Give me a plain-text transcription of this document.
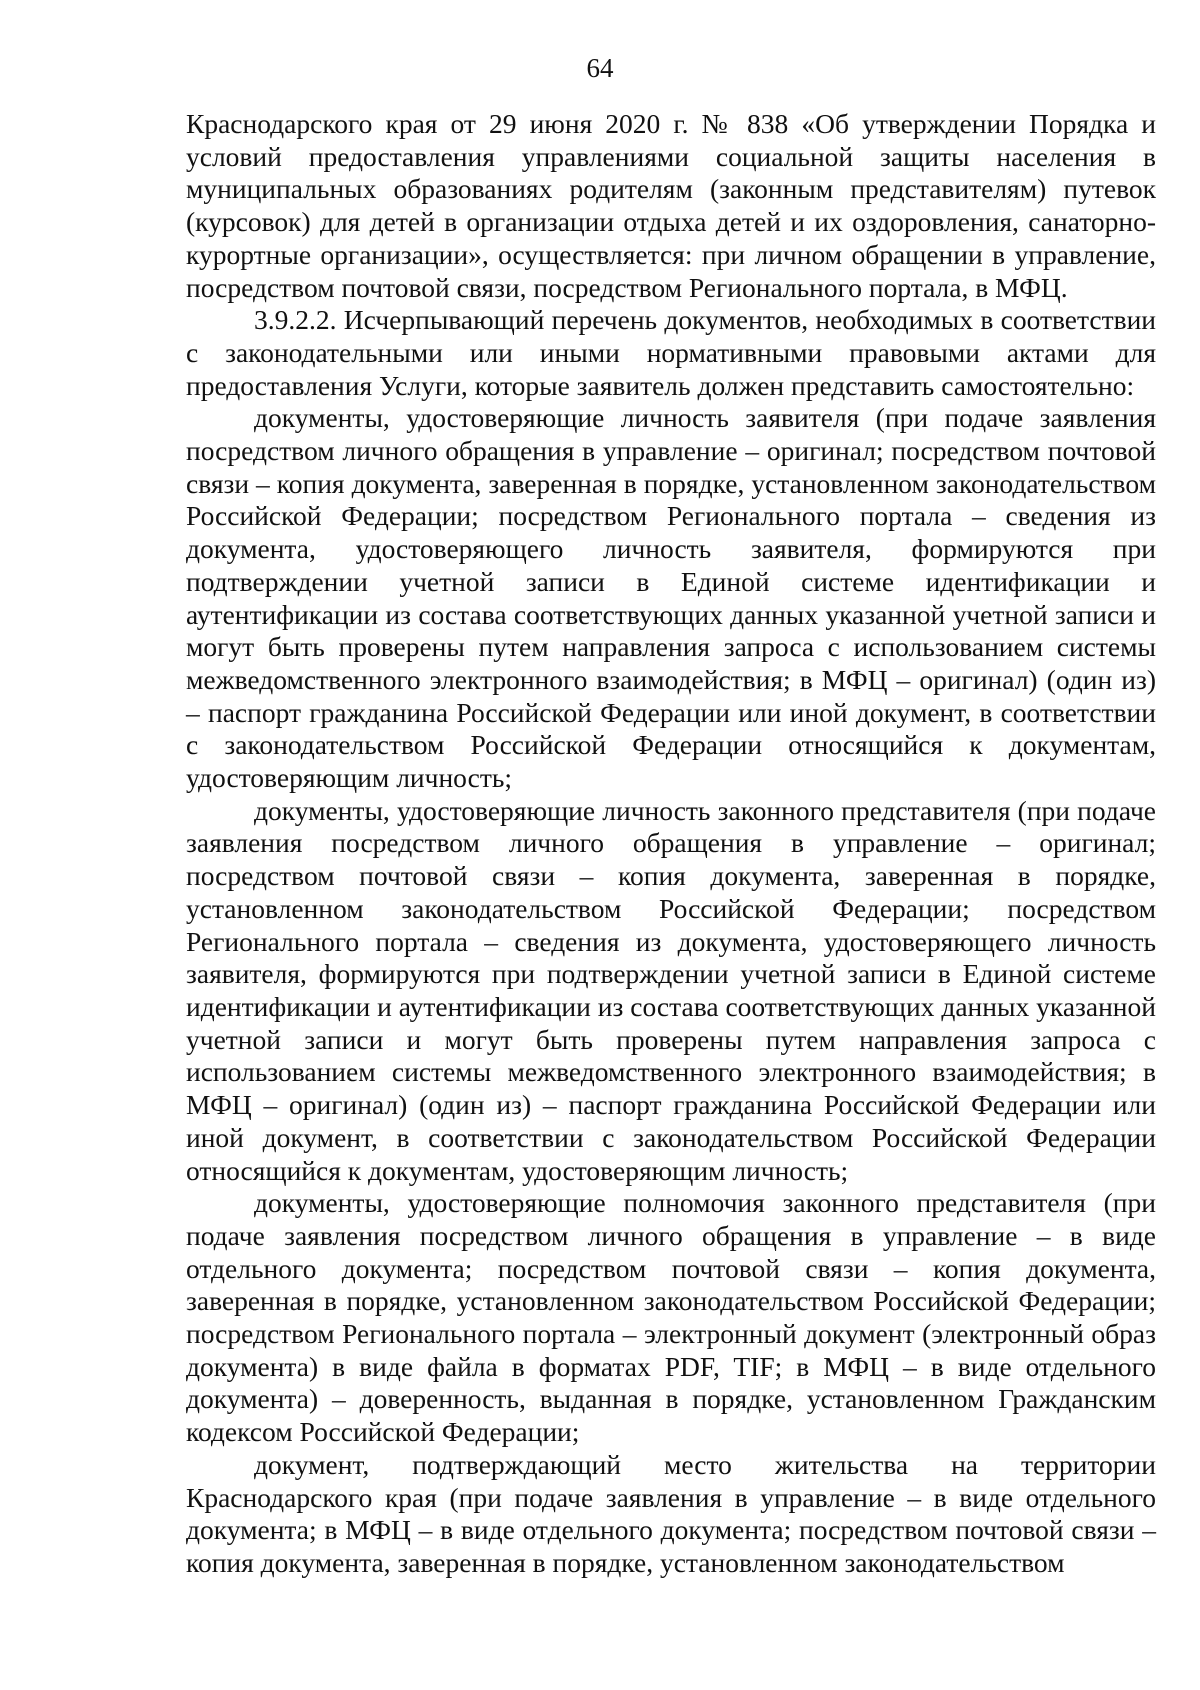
64

Краснодарского края от 29 июня 2020 г. № 838 «Об утверждении Порядка и условий предоставления управлениями социальной защиты населения в муниципальных образованиях родителям (законным представителям) путевок (курсовок) для детей в организации отдыха детей и их оздоровления, санаторно-курортные организации», осуществляется: при личном обращении в управление, посредством почтовой связи, посредством Регионального портала, в МФЦ.

3.9.2.2. Исчерпывающий перечень документов, необходимых в соответствии с законодательными или иными нормативными правовыми актами для предоставления Услуги, которые заявитель должен представить самостоятельно:

документы, удостоверяющие личность заявителя (при подаче заявления посредством личного обращения в управление – оригинал; посредством почтовой связи – копия документа, заверенная в порядке, установленном законодательством Российской Федерации; посредством Регионального портала – сведения из документа, удостоверяющего личность заявителя, формируются при подтверждении учетной записи в Единой системе идентификации и аутентификации из состава соответствующих данных указанной учетной записи и могут быть проверены путем направления запроса с использованием системы межведомственного электронного взаимодействия; в МФЦ – оригинал) (один из) – паспорт гражданина Российской Федерации или иной документ, в соответствии с законодательством Российской Федерации относящийся к документам, удостоверяющим личность;

документы, удостоверяющие личность законного представителя (при подаче заявления посредством личного обращения в управление – оригинал; посредством почтовой связи – копия документа, заверенная в порядке, установленном законодательством Российской Федерации; посредством Регионального портала – сведения из документа, удостоверяющего личность заявителя, формируются при подтверждении учетной записи в Единой системе идентификации и аутентификации из состава соответствующих данных указанной учетной записи и могут быть проверены путем направления запроса с использованием системы межведомственного электронного взаимодействия; в МФЦ – оригинал) (один из) – паспорт гражданина Российской Федерации или иной документ, в соответствии с законодательством Российской Федерации относящийся к документам, удостоверяющим личность;

документы, удостоверяющие полномочия законного представителя (при подаче заявления посредством личного обращения в управление – в виде отдельного документа; посредством почтовой связи – копия документа, заверенная в порядке, установленном законодательством Российской Федерации; посредством Регионального портала – электронный документ (электронный образ документа) в виде файла в форматах PDF, TIF; в МФЦ – в виде отдельного документа) – доверенность, выданная в порядке, установленном Гражданским кодексом Российской Федерации;

документ, подтверждающий место жительства на территории Краснодарского края (при подаче заявления в управление – в виде отдельного документа; в МФЦ – в виде отдельного документа; посредством почтовой связи – копия документа, заверенная в порядке, установленном законодательством
